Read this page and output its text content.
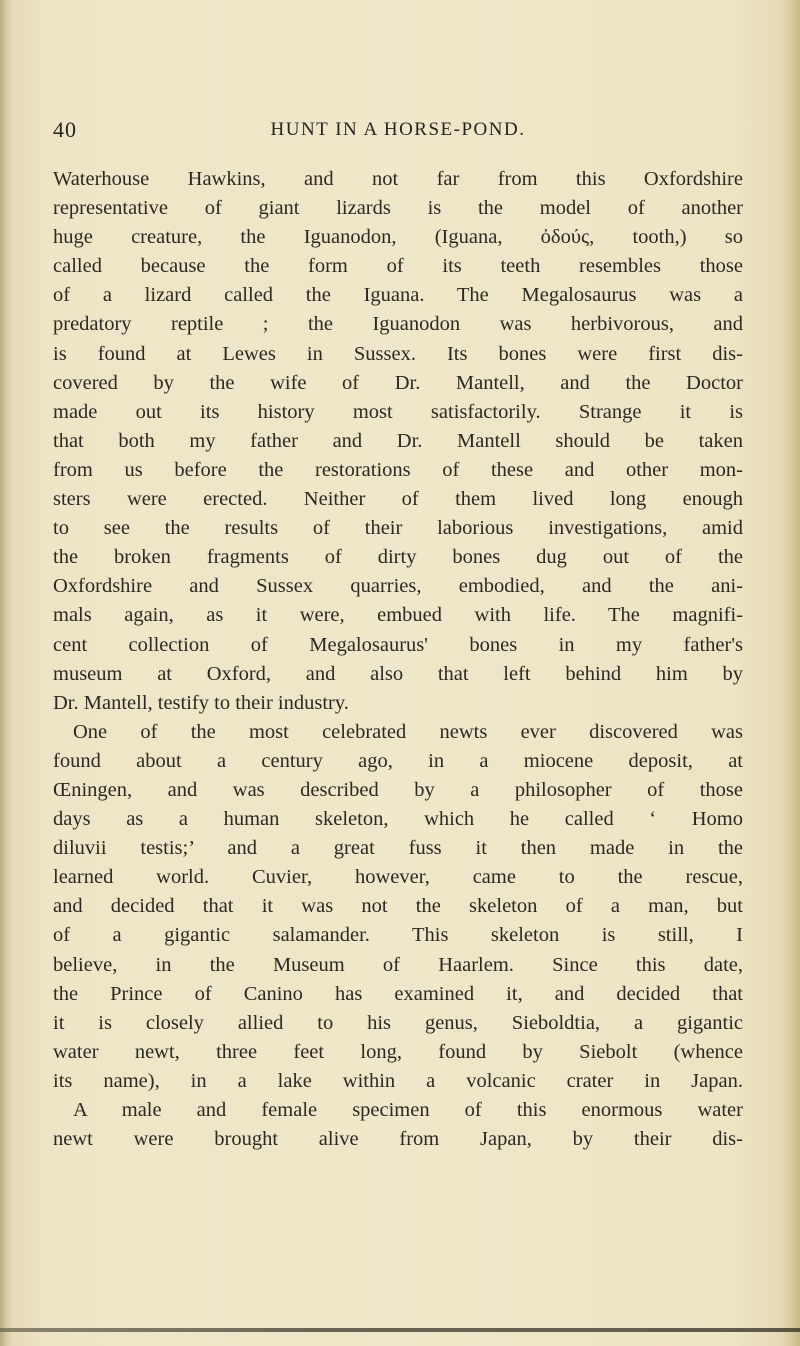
40	HUNT IN A HORSE-POND.
Waterhouse Hawkins, and not far from this Oxfordshire
representative of giant lizards is the model of another
huge creature, the Iguanodon, (Iguana, ὀδούς, tooth,) so
called because the form of its teeth resembles those
of a lizard called the Iguana. The Megalosaurus was a
predatory reptile ; the Iguanodon was herbivorous, and
is found at Lewes in Sussex. Its bones were first dis-
covered by the wife of Dr. Mantell, and the Doctor
made out its history most satisfactorily. Strange it is
that both my father and Dr. Mantell should be taken
from us before the restorations of these and other mon-
sters were erected. Neither of them lived long enough
to see the results of their laborious investigations, amid
the broken fragments of dirty bones dug out of the
Oxfordshire and Sussex quarries, embodied, and the ani-
mals again, as it were, embued with life. The magnifi-
cent collection of Megalosaurus' bones in my father's
museum at Oxford, and also that left behind him by
Dr. Mantell, testify to their industry.
One of the most celebrated newts ever discovered was
found about a century ago, in a miocene deposit, at
Œningen, and was described by a philosopher of those
days as a human skeleton, which he called ‘ Homo
diluvii testis;’ and a great fuss it then made in the
learned world. Cuvier, however, came to the rescue,
and decided that it was not the skeleton of a man, but
of a gigantic salamander. This skeleton is still, I
believe, in the Museum of Haarlem. Since this date,
the Prince of Canino has examined it, and decided that
it is closely allied to his genus, Sieboldtia, a gigantic
water newt, three feet long, found by Siebolt (whence
its name), in a lake within a volcanic crater in Japan.
A male and female specimen of this enormous water
newt were brought alive from Japan, by their dis-
